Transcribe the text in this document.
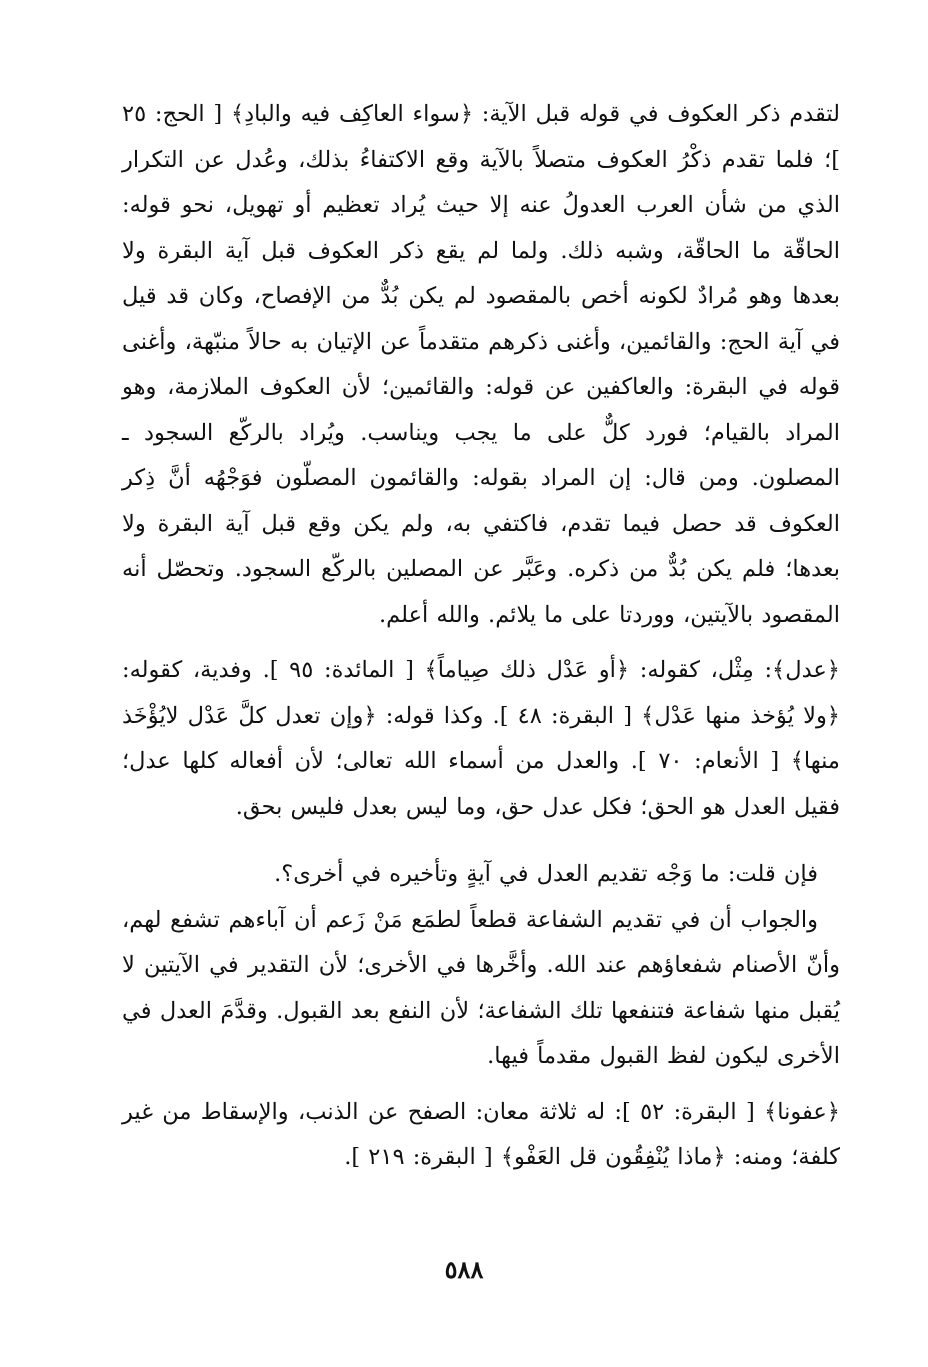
لتقدم ذكر العكوف في قوله قبل الآية: ﴿سواء العاكِف فيه والبادِ﴾ [ الحج: ٢٥ ]؛ فلما تقدم ذكْرُ العكوف متصلاً بالآية وقع الاكتفاءُ بذلك، وعُدل عن التكرار الذي من شأن العرب العدولُ عنه إلا حيث يُراد تعظيم أو تهويل، نحو قوله: الحاقّة ما الحاقّة، وشبه ذلك. ولما لم يقع ذكر العكوف قبل آية البقرة ولا بعدها وهو مُرادٌ لكونه أخص بالمقصود لم يكن بُدٌّ من الإفصاح، وكان قد قيل في آية الحج: والقائمين، وأغنى ذكرهم متقدماً عن الإتيان به حالاً منبّهة، وأغنى قوله في البقرة: والعاكفين عن قوله: والقائمين؛ لأن العكوف الملازمة، وهو المراد بالقيام؛ فورد كلٌّ على ما يجب ويناسب. ويُراد بالركّع السجود ـ المصلون. ومن قال: إن المراد بقوله: والقائمون المصلّون فوَجْهُه أنَّ ذِكر العكوف قد حصل فيما تقدم، فاكتفي به، ولم يكن وقع قبل آية البقرة ولا بعدها؛ فلم يكن بُدٌّ من ذكره. وعَبَّر عن المصلين بالركّع السجود. وتحصّل أنه المقصود بالآيتين، ووردتا على ما يلائم. والله أعلم.

﴿عدل﴾: مِثْل، كقوله: ﴿أو عَدْل ذلك صِياماً﴾ [ المائدة: ٩٥ ]. وفدية، كقوله: ﴿ولا يُؤخذ منها عَدْل﴾ [ البقرة: ٤٨ ]. وكذا قوله: ﴿وإن تعدل كلَّ عَدْل لايُؤْخَذ منها﴾ [ الأنعام: ٧٠ ]. والعدل من أسماء الله تعالى؛ لأن أفعاله كلها عدل؛ فقيل العدل هو الحق؛ فكل عدل حق، وما ليس بعدل فليس بحق.

فإن قلت: ما وَجْه تقديم العدل في آيةٍ وتأخيره في أخرى؟.

والجواب أن في تقديم الشفاعة قطعاً لطمَع مَنْ زَعم أن آباءهم تشفع لهم، وأنّ الأصنام شفعاؤهم عند الله. وأخَّرها في الأخرى؛ لأن التقدير في الآيتين لا يُقبل منها شفاعة فتنفعها تلك الشفاعة؛ لأن النفع بعد القبول. وقدَّمَ العدل في الأخرى ليكون لفظ القبول مقدماً فيها.

﴿عفونا﴾ [ البقرة: ٥٢ ]: له ثلاثة معان: الصفح عن الذنب، والإسقاط من غير كلفة؛ ومنه: ﴿ماذا يُنْفِقُون قل العَفْو﴾ [ البقرة: ٢١٩ ].

٥٨٨
